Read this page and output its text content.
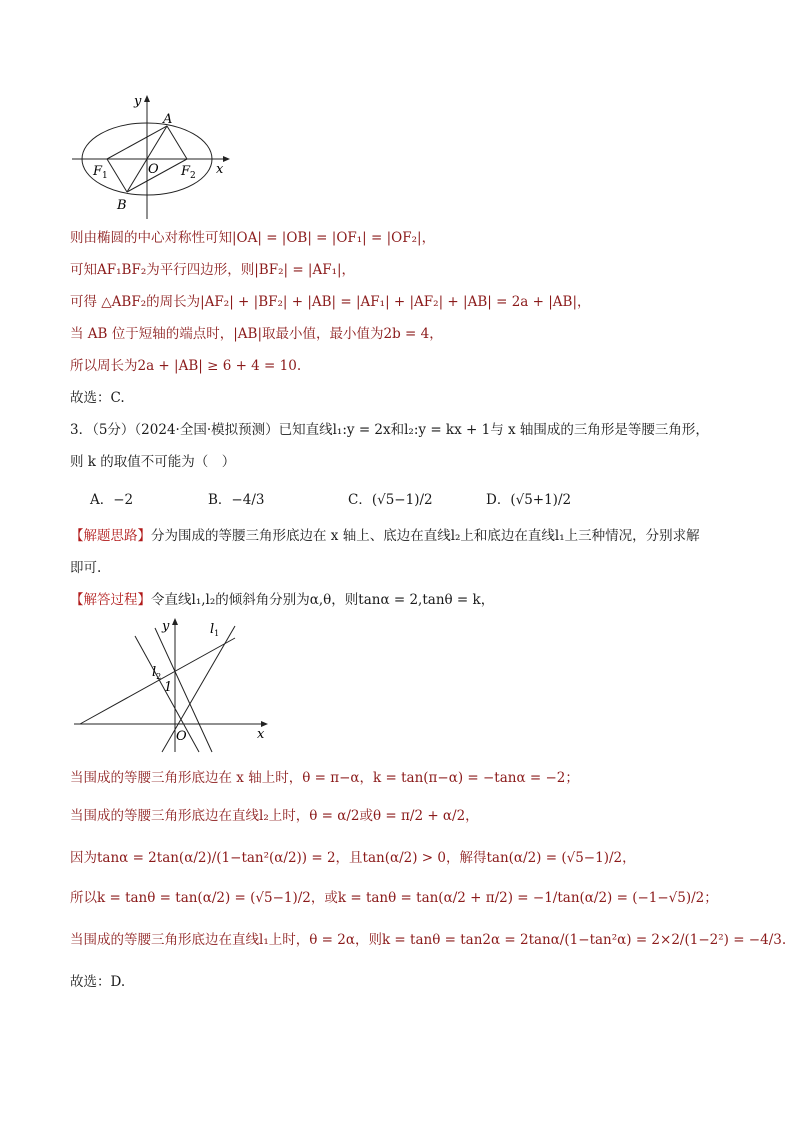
y
x
A
O
$F_1$	$F_2$
B
则由椭圆的中心对称性可知|OA| = |OB| = |OF₁| = |OF₂|，
可知AF₁BF₂为平行四边形，则|BF₂| = |AF₁|，
可得 △ABF₂的周长为|AF₂| + |BF₂| + |AB| = |AF₁| + |AF₂| + |AB| = 2a + |AB|，
当 AB 位于短轴的端点时，|AB|取最小值，最小值为2b = 4，
所以周长为2a + |AB| ≥ 6 + 4 = 10.
故选：C.
3．（5分）（2024·全国·模拟预测）已知直线l₁:y = 2x和l₂:y = kx + 1与 x 轴围成的三角形是等腰三角形，
则 k 的取值不可能为（　）
A．−2	B．−4/3	C．(√5−1)/2	D．(√5+1)/2
【解题思路】分为围成的等腰三角形底边在 x 轴上、底边在直线l₂上和底边在直线l₁上三种情况，分别求解
即可.
【解答过程】令直线l₁,l₂的倾斜角分别为α,θ，则tanα = 2,tanθ = k，
y
x
O
1
$l_1$
$l_2$
当围成的等腰三角形底边在 x 轴上时，θ = π−α，k = tan(π−α) = −tanα = −2；
当围成的等腰三角形底边在直线l₂上时，θ = α/2或θ = π/2 + α/2，
因为tanα = 2tan(α/2)/(1−tan²(α/2)) = 2，且tan(α/2) > 0，解得tan(α/2) = (√5−1)/2，
所以k = tanθ = tan(α/2) = (√5−1)/2，或k = tanθ = tan(α/2 + π/2) = −1/tan(α/2) = (−1−√5)/2；
当围成的等腰三角形底边在直线l₁上时，θ = 2α，则k = tanθ = tan2α = 2tanα/(1−tan²α) = 2×2/(1−2²) = −4/3.
故选：D.
